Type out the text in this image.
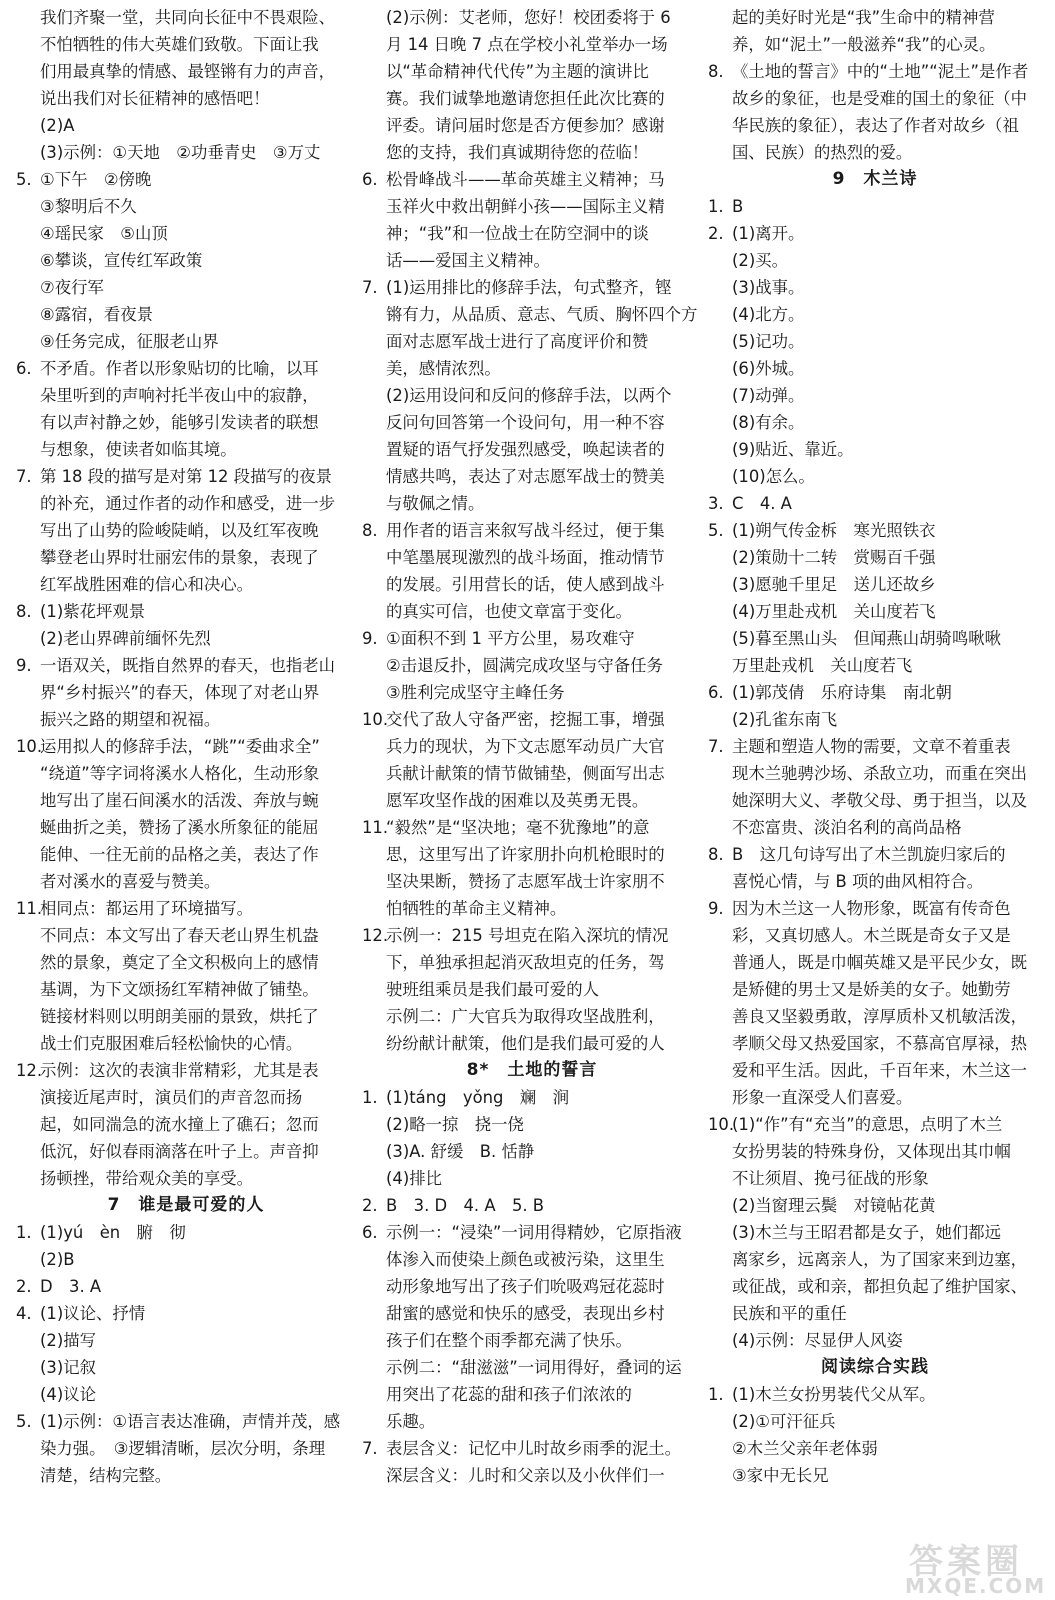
我们齐聚一堂，共同向长征中不畏艰险、
不怕牺牲的伟大英雄们致敬。下面让我
们用最真挚的情感、最铿锵有力的声音，
说出我们对长征精神的感悟吧！
(2)A
(3)示例：①天地　②功垂青史　③万丈
5. ①下午　②傍晚
③黎明后不久
④瑶民家　⑤山顶
⑥攀谈，宣传红军政策
⑦夜行军
⑧露宿，看夜景
⑨任务完成，征服老山界
6. 不矛盾。作者以形象贴切的比喻，以耳
朵里听到的声响衬托半夜山中的寂静，
有以声衬静之妙，能够引发读者的联想
与想象，使读者如临其境。
7. 第 18 段的描写是对第 12 段描写的夜景
的补充，通过作者的动作和感受，进一步
写出了山势的险峻陡峭，以及红军夜晚
攀登老山界时壮丽宏伟的景象，表现了
红军战胜困难的信心和决心。
8. (1)紫花坪观景
(2)老山界碑前缅怀先烈
9. 一语双关，既指自然界的春天，也指老山
界“乡村振兴”的春天，体现了对老山界
振兴之路的期望和祝福。
10.
运用拟人的修辞手法，“跳”“委曲求全”
“绕道”等字词将溪水人格化，生动形象
地写出了崖石间溪水的活泼、奔放与蜿
蜒曲折之美，赞扬了溪水所象征的能屈
能伸、一往无前的品格之美，表达了作
者对溪水的喜爱与赞美。
11.
相同点：都运用了环境描写。
不同点：本文写出了春天老山界生机盎
然的景象，奠定了全文积极向上的感情
基调，为下文颂扬红军精神做了铺垫。
链接材料则以明朗美丽的景致，烘托了
战士们克服困难后轻松愉快的心情。
12.
示例：这次的表演非常精彩，尤其是表
演接近尾声时，演员们的声音忽而扬
起，如同湍急的流水撞上了礁石；忽而
低沉，好似春雨滴落在叶子上。声音抑
扬顿挫，带给观众美的享受。
7　谁是最可爱的人
1. (1)yú　èn　腑　彻
(2)B
2. D　3. A
4. (1)议论、抒情
(2)描写
(3)记叙
(4)议论
5. (1)示例：①语言表达准确，声情并茂，感
染力强。　③逻辑清晰，层次分明，条理
清楚，结构完整。
(2)示例：艾老师，您好！校团委将于 6
月 14 日晚 7 点在学校小礼堂举办一场
以“革命精神代代传”为主题的演讲比
赛。我们诚挚地邀请您担任此次比赛的
评委。请问届时您是否方便参加？感谢
您的支持，我们真诚期待您的莅临！
6. 松骨峰战斗——革命英雄主义精神；马
玉祥火中救出朝鲜小孩——国际主义精
神；“我”和一位战士在防空洞中的谈
话——爱国主义精神。
7. (1)运用排比的修辞手法，句式整齐，铿
锵有力，从品质、意志、气质、胸怀四个方
面对志愿军战士进行了高度评价和赞
美，感情浓烈。
(2)运用设问和反问的修辞手法，以两个
反问句回答第一个设问句，用一种不容
置疑的语气抒发强烈感受，唤起读者的
情感共鸣，表达了对志愿军战士的赞美
与敬佩之情。
8. 用作者的语言来叙写战斗经过，便于集
中笔墨展现激烈的战斗场面，推动情节
的发展。引用营长的话，使人感到战斗
的真实可信，也使文章富于变化。
9. ①面积不到 1 平方公里，易攻难守
②击退反扑，圆满完成攻坚与守备任务
③胜利完成坚守主峰任务
10.
交代了敌人守备严密，挖掘工事，增强
兵力的现状，为下文志愿军动员广大官
兵献计献策的情节做铺垫，侧面写出志
愿军攻坚作战的困难以及英勇无畏。
11.
“毅然”是“坚决地；毫不犹豫地”的意
思，这里写出了许家朋扑向机枪眼时的
坚决果断，赞扬了志愿军战士许家朋不
怕牺牲的革命主义精神。
12.
示例一：215 号坦克在陷入深坑的情况
下，单独承担起消灭敌坦克的任务，驾
驶班组乘员是我们最可爱的人
示例二：广大官兵为取得攻坚战胜利，
纷纷献计献策，他们是我们最可爱的人
8*　土地的誓言
1. (1)táng　yǒng　斓　涧
(2)略一掠　挠一侥
(3)A. 舒缓　B. 恬静
(4)排比
2. B　3. D　4. A　5. B
6. 示例一：“浸染”一词用得精妙，它原指液
体渗入而使染上颜色或被污染，这里生
动形象地写出了孩子们吮吸鸡冠花蕊时
甜蜜的感觉和快乐的感受，表现出乡村
孩子们在整个雨季都充满了快乐。
示例二：“甜滋滋”一词用得好，叠词的运
用突出了花蕊的甜和孩子们浓浓的
乐趣。
7. 表层含义：记忆中儿时故乡雨季的泥土。
深层含义：儿时和父亲以及小伙伴们一
起的美好时光是“我”生命中的精神营
养，如“泥土”一般滋养“我”的心灵。
8. 《土地的誓言》中的“土地”“泥土”是作者
故乡的象征，也是受难的国土的象征（中
华民族的象征），表达了作者对故乡（祖
国、民族）的热烈的爱。
9　木兰诗
1. B
2. (1)离开。
(2)买。
(3)战事。
(4)北方。
(5)记功。
(6)外城。
(7)动弹。
(8)有余。
(9)贴近、靠近。
(10)怎么。
3. C　4. A
5. (1)朔气传金柝　寒光照铁衣
(2)策勋十二转　赏赐百千强
(3)愿驰千里足　送儿还故乡
(4)万里赴戎机　关山度若飞
(5)暮至黑山头　但闻燕山胡骑鸣啾啾
万里赴戎机　关山度若飞
6. (1)郭茂倩　乐府诗集　南北朝
(2)孔雀东南飞
7. 主题和塑造人物的需要，文章不着重表
现木兰驰骋沙场、杀敌立功，而重在突出
她深明大义、孝敬父母、勇于担当，以及
不恋富贵、淡泊名利的高尚品格
8. B　这几句诗写出了木兰凯旋归家后的
喜悦心情，与 B 项的曲风相符合。
9. 因为木兰这一人物形象，既富有传奇色
彩，又真切感人。木兰既是奇女子又是
普通人，既是巾帼英雄又是平民少女，既
是矫健的男士又是娇美的女子。她勤劳
善良又坚毅勇敢，淳厚质朴又机敏活泼，
孝顺父母又热爱国家，不慕高官厚禄，热
爱和平生活。因此，千百年来，木兰这一
形象一直深受人们喜爱。
10.
(1)“作”有“充当”的意思，点明了木兰
女扮男装的特殊身份，又体现出其巾帼
不让须眉、挽弓征战的形象
(2)当窗理云鬓　对镜帖花黄
(3)木兰与王昭君都是女子，她们都远
离家乡，远离亲人，为了国家来到边塞，
或征战，或和亲，都担负起了维护国家、
民族和平的重任
(4)示例：尽显伊人风姿
阅读综合实践
1. (1)木兰女扮男装代父从军。
(2)①可汗征兵
②木兰父亲年老体弱
③家中无长兄
答案圈
MXQE.COM
